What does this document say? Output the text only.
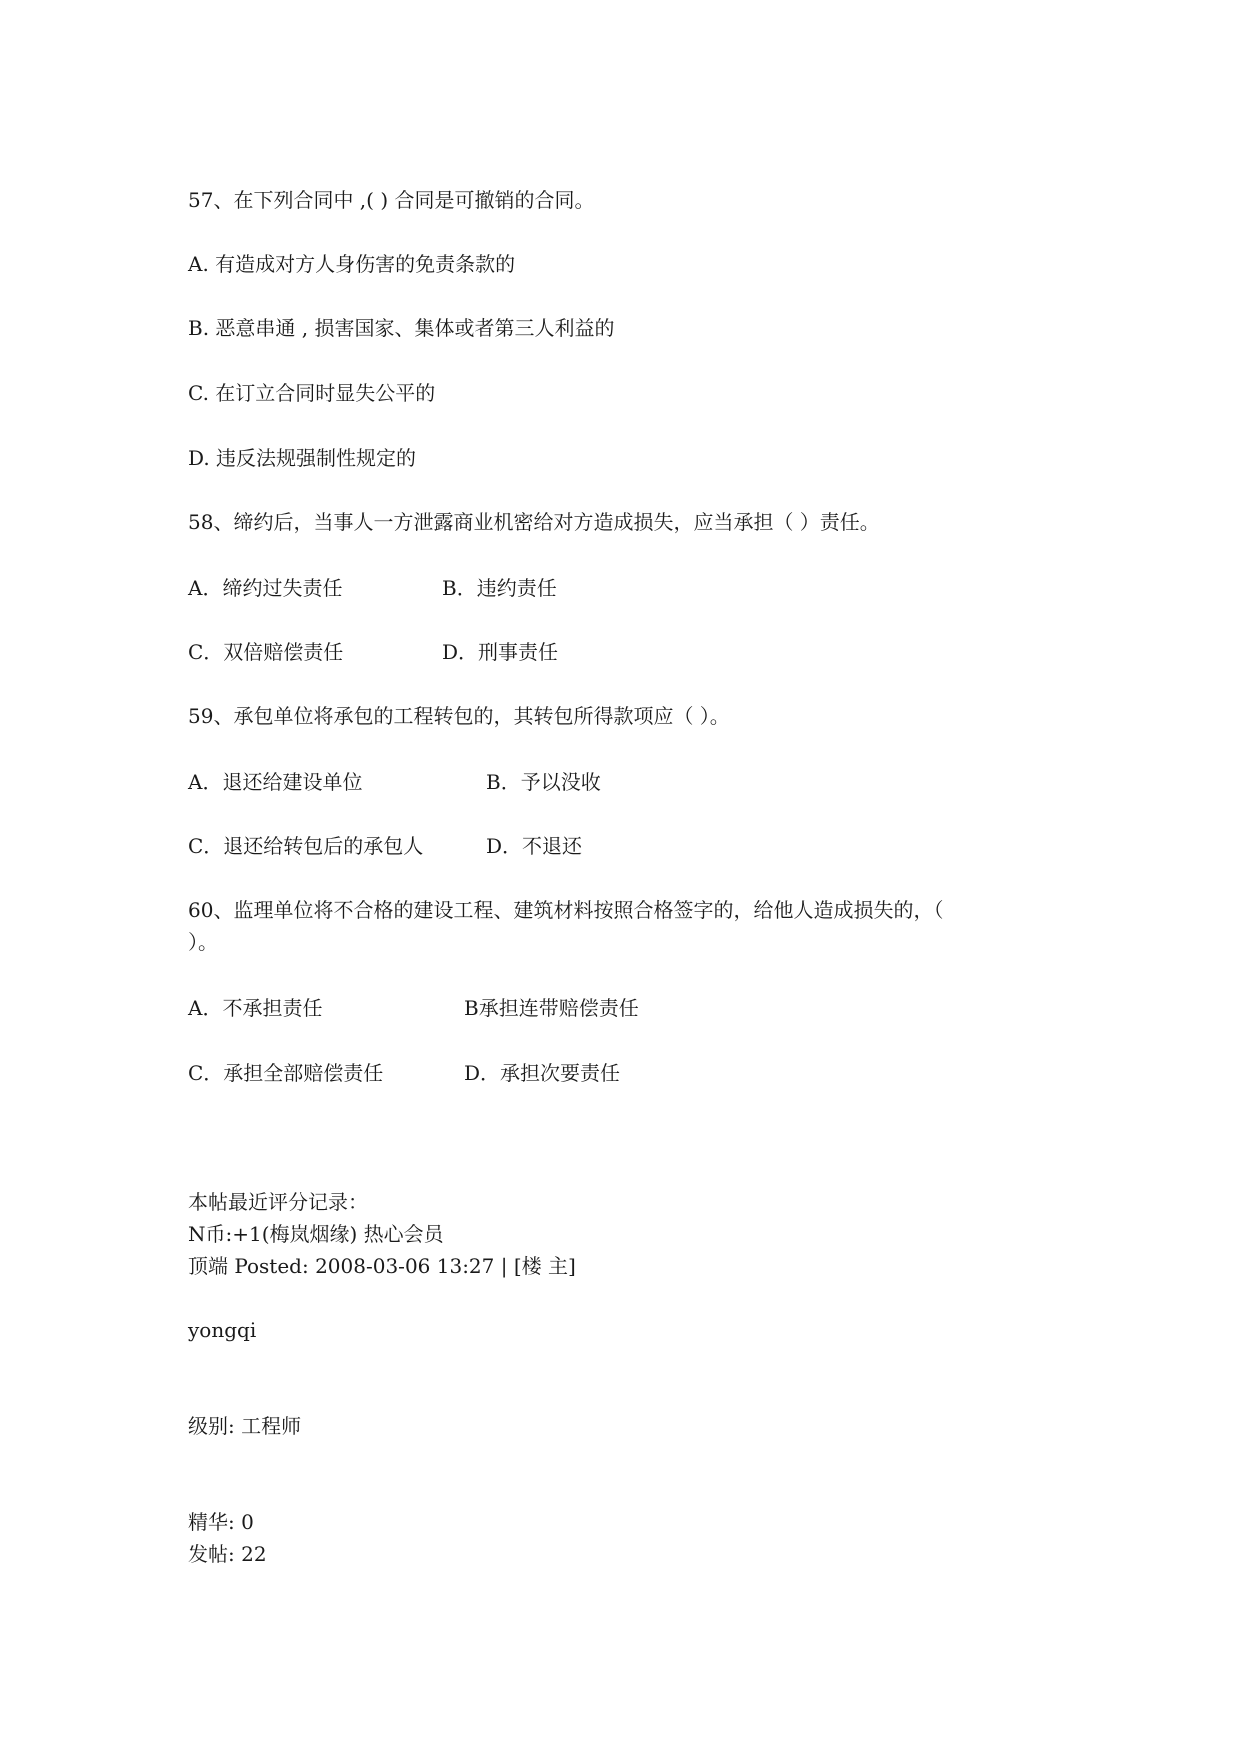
57、在下列合同中 ,( ) 合同是可撤销的合同。
A. 有造成对方人身伤害的免责条款的
B. 恶意串通 , 损害国家、集体或者第三人利益的
C. 在订立合同时显失公平的
D. 违反法规强制性规定的
58、缔约后，当事人一方泄露商业机密给对方造成损失，应当承担（ ）责任。
A．缔约过失责任	B．违约责任
C．双倍赔偿责任	D．刑事责任
59、承包单位将承包的工程转包的，其转包所得款项应（ ）。
A．退还给建设单位	B．予以没收
C．退还给转包后的承包人	D．不退还
60、监理单位将不合格的建设工程、建筑材料按照合格签字的，给他人造成损失的，（
）。
A．不承担责任	B承担连带赔偿责任
C．承担全部赔偿责任	D．承担次要责任
本帖最近评分记录：
N币:+1(梅岚烟缘) 热心会员
顶端 Posted: 2008-03-06 13:27 | [楼 主]
yongqi
级别: 工程师
精华: 0
发帖: 22
